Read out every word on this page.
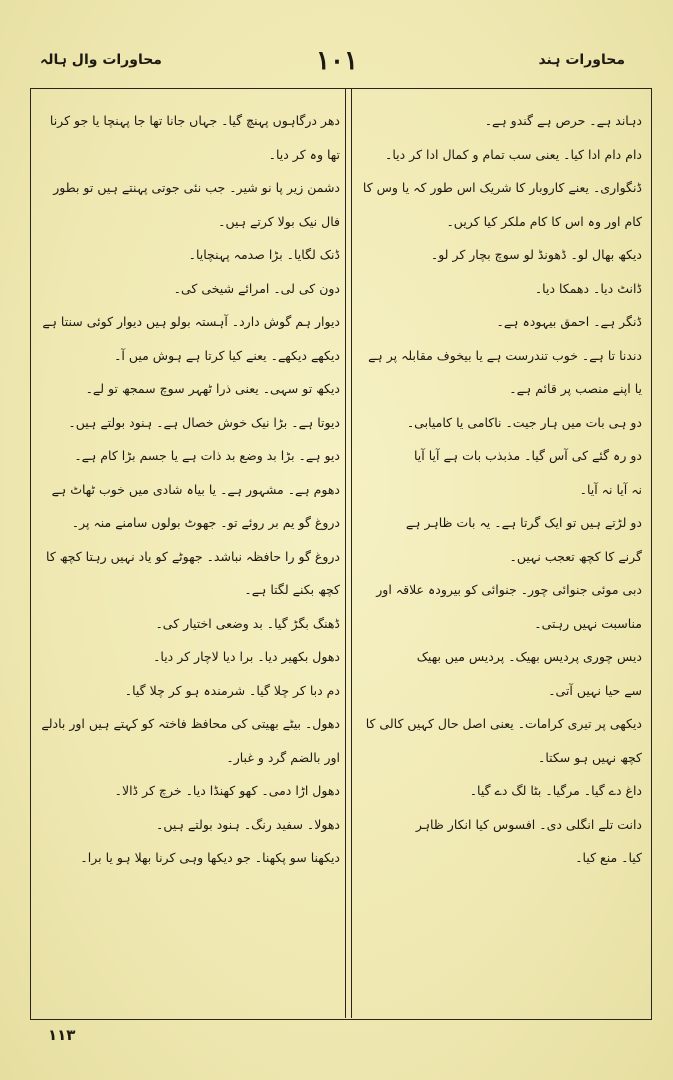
محاورات ہند
۱۰۱
محاورات وال ہالہ
دہاند ہے۔ حرص ہے گندو ہے۔
دام دام ادا کیا۔ یعنی سب تمام و کمال ادا کر دیا۔
ڈنگواری۔ یعنے کاروبار کا شریک اس طور کہ یا وس کا
کام اور وہ اس کا کام ملکر کیا کریں۔
دیکھ بھال لو۔ ڈھونڈ لو سوچ بچار کر لو۔
ڈانٹ دیا۔ دھمکا دیا۔
ڈنگر ہے۔ احمق بیہودہ ہے۔
دندنا تا ہے۔ خوب تندرست ہے یا بیخوف مقابلہ پر ہے
یا اپنے منصب پر قائم ہے۔
دو ہی بات میں ہار جیت۔ ناکامی یا کامیابی۔
دو رہ گئے کی آس گیا۔ مذبذب بات ہے آیا آیا
نہ آیا نہ آیا۔
دو لڑتے ہیں تو ایک گرتا ہے۔ یہ بات ظاہر ہے
گرنے کا کچھ تعجب نہیں۔
دبی موئی جنوائی چور۔ جنوائی کو بیرودہ علاقہ اور
مناسبت نہیں رہتی۔
دیس چوری پردیس بھیک۔ پردیس میں بھیک
سے حیا نہیں آتی۔
دیکھی پر تیری کرامات۔ یعنی اصل حال کہیں کالی کا
کچھ نہیں ہو سکتا۔
داغ دے گیا۔ مرگیا۔ بٹا لگ دے گیا۔
دانت تلے انگلی دی۔ افسوس کیا انکار ظاہر
کیا۔ منع کیا۔
دھر درگاہوں پہنچ گیا۔ جہاں جانا تھا جا پہنچا یا جو کرنا
تھا وہ کر دیا۔
دشمن زیر پا نو شیر۔ جب نئی جوتی پہنتے ہیں تو بطور
فال نیک بولا کرتے ہیں۔
ڈنک لگایا۔ بڑا صدمہ پہنچایا۔
دون کی لی۔ امرائے شیخی کی۔
دیوار ہم گوش دارد۔ آہستہ بولو ہیں دیوار کوئی سنتا ہے
دیکھے دیکھے۔ یعنے کیا کرتا ہے ہوش میں آ۔
دیکھ تو سہی۔ یعنی ذرا ٹھہر سوچ سمجھ تو لے۔
دیوتا ہے۔ بڑا نیک خوش خصال ہے۔ ہنود بولتے ہیں۔
دیو ہے۔ بڑا بد وضع بد ذات ہے یا جسم بڑا کام ہے۔
دھوم ہے۔ مشہور ہے۔ یا بیاہ شادی میں خوب ٹھاٹ ہے
دروغ گو یم بر روئے تو۔ جھوٹ بولوں سامنے منہ پر۔
دروغ گو را حافظہ نباشد۔ جھوٹے کو یاد نہیں رہتا کچھ کا
کچھ بکنے لگتا ہے۔
ڈھنگ بگڑ گیا۔ بد وضعی اختیار کی۔
دھول بکھیر دیا۔ برا دیا لاچار کر دیا۔
دم دبا کر چلا گیا۔ شرمندہ ہو کر چلا گیا۔
دھول۔ بیٹے بھیتی کی محافظ فاختہ کو کہتے ہیں اور بادلے
اور بالضم گرد و غبار۔
دھول اڑا دمی۔ کھو کھنڈا دیا۔ خرچ کر ڈالا۔
دھولا۔ سفید رنگ۔ ہنود بولتے ہیں۔
دیکھنا سو پکھنا۔ جو دیکھا وہی کرنا بھلا ہو یا برا۔
۱۱۳
